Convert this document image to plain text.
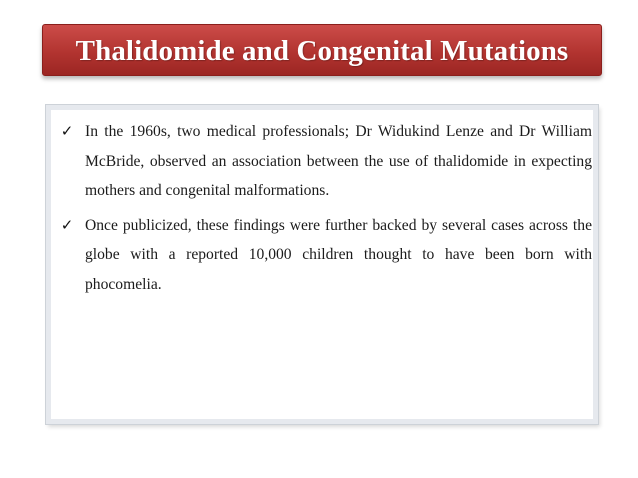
Thalidomide and Congenital Mutations
✓ In the 1960s, two medical professionals; Dr Widukind Lenze and Dr William McBride, observed an association between the use of thalidomide in expecting mothers and congenital malformations.
✓ Once publicized, these findings were further backed by several cases across the globe with a reported 10,000 children thought to have been born with phocomelia.
